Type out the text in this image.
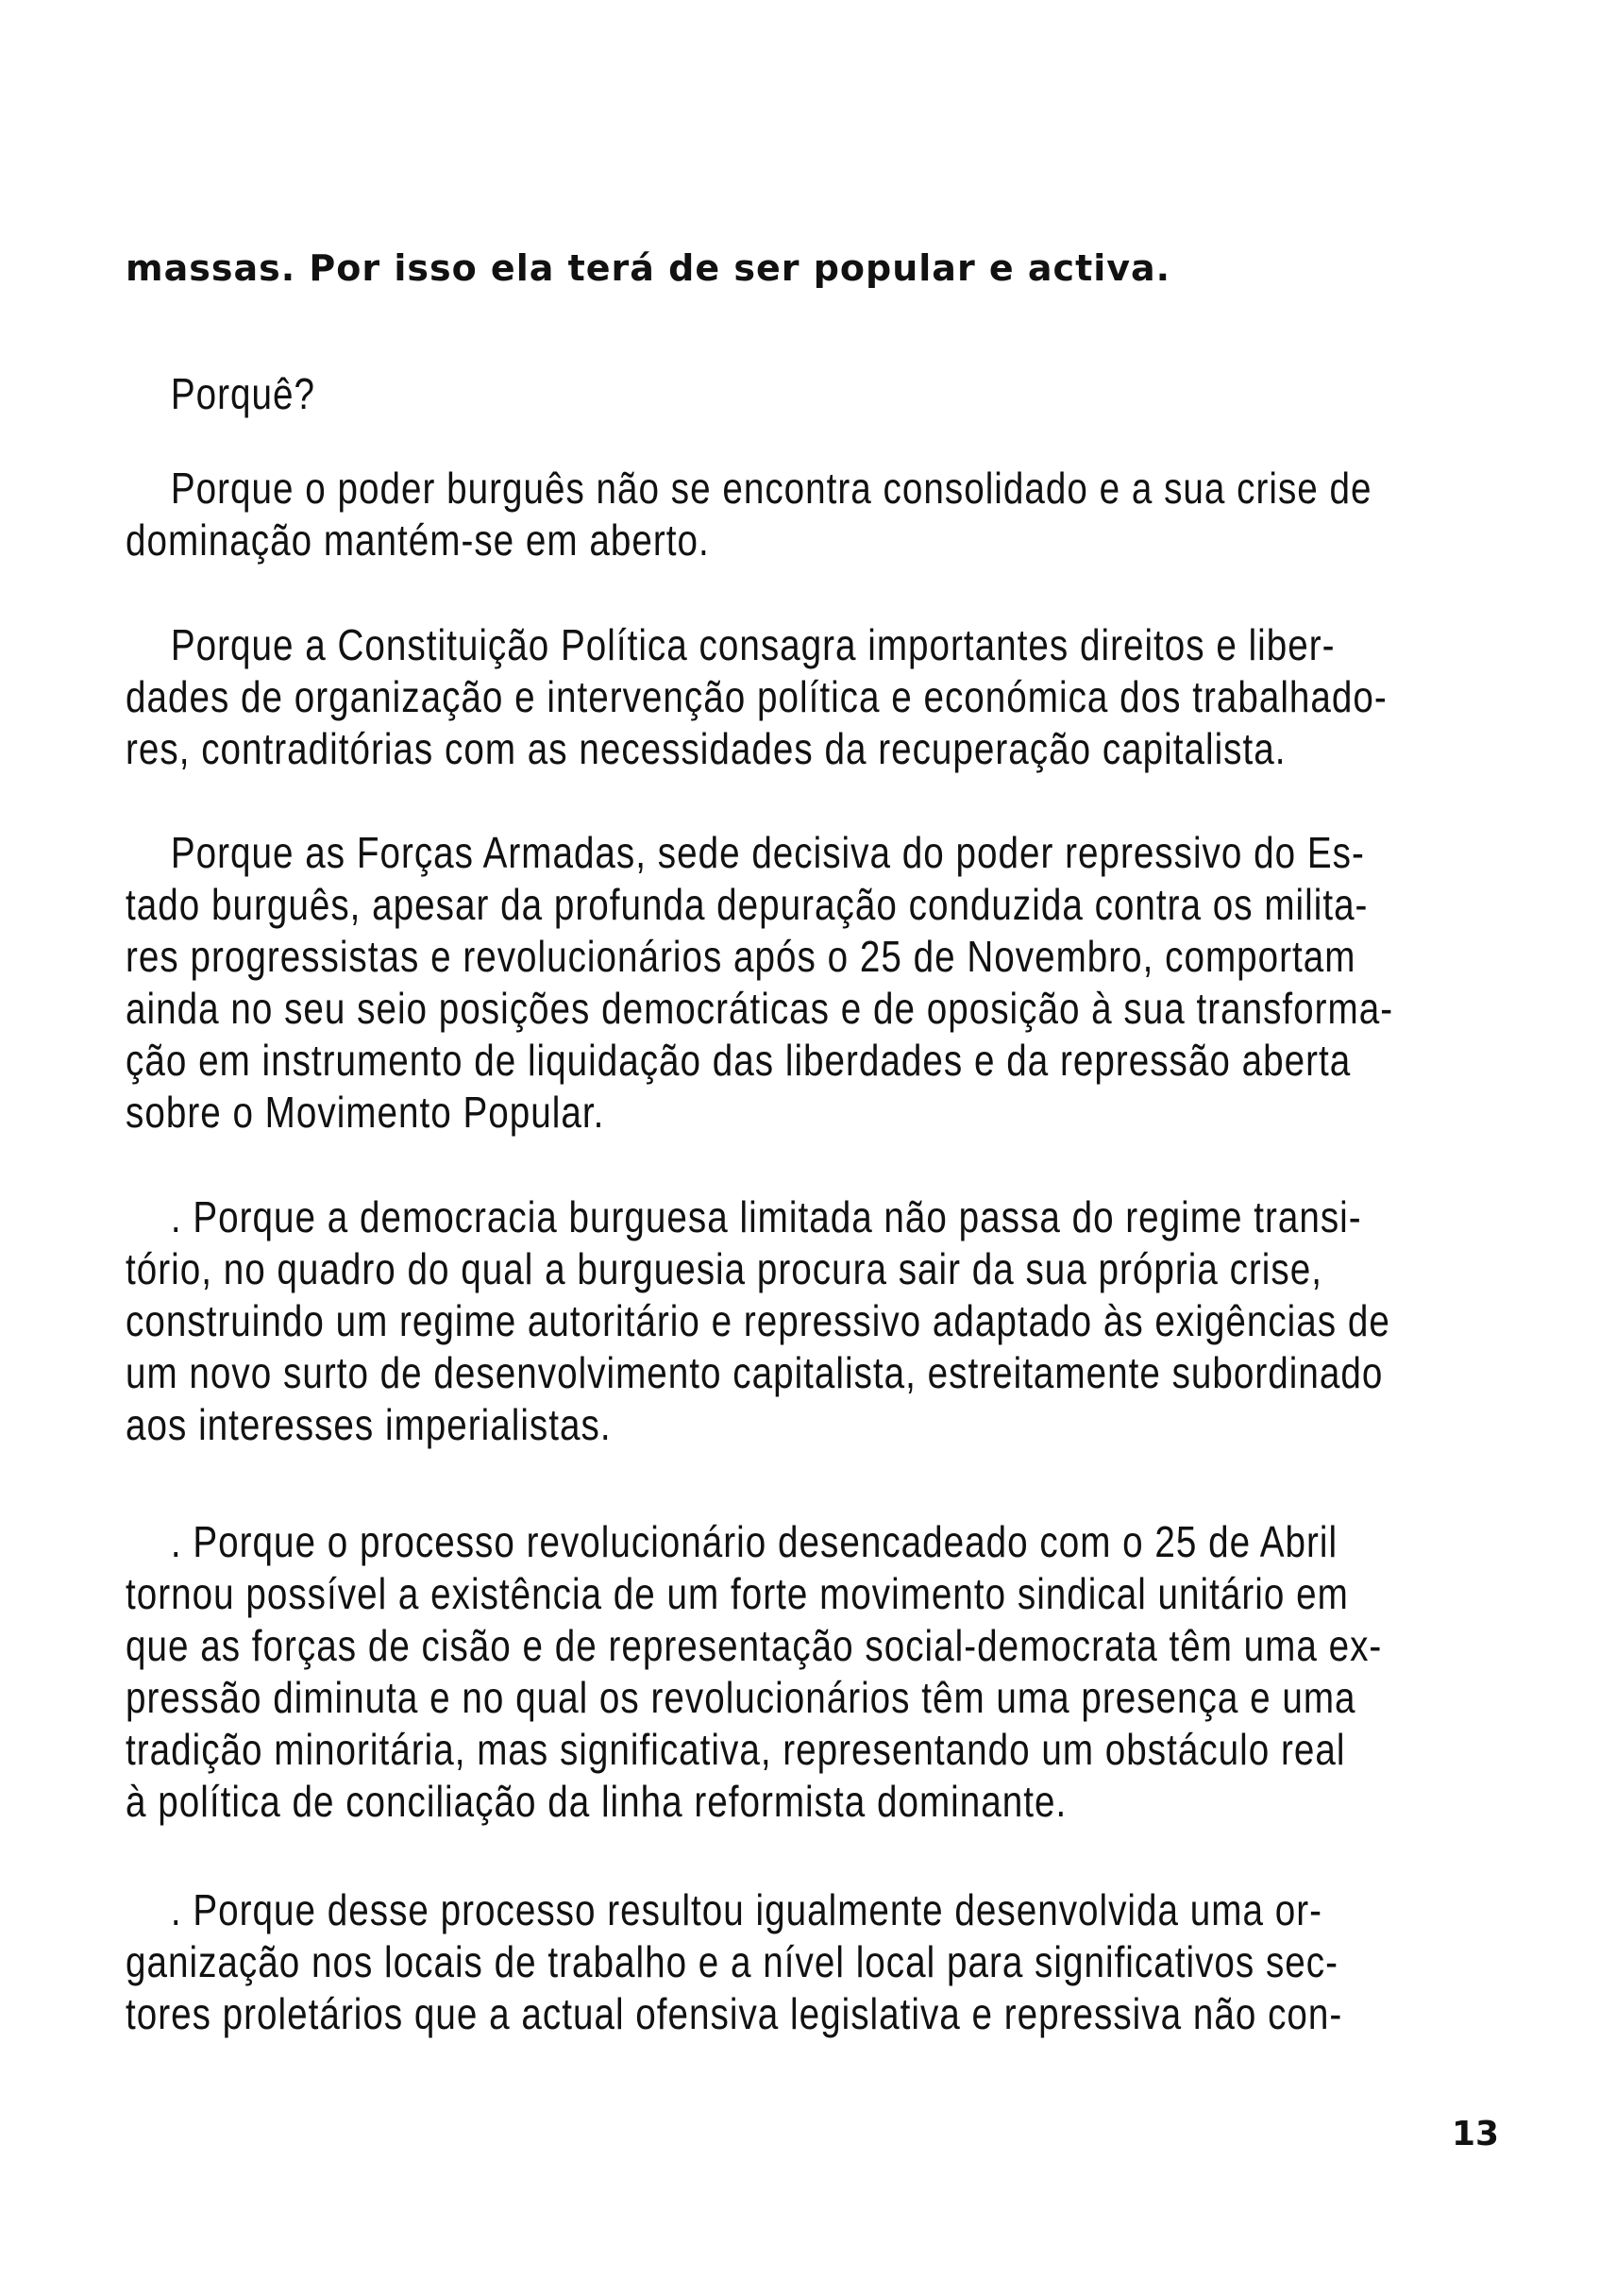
massas. Por isso ela terá de ser popular e activa.
Porquê?
Porque o poder burguês não se encontra consolidado e a sua crise de
dominação mantém-se em aberto.
Porque a Constituição Política consagra importantes direitos e liber-
dades de organização e intervenção política e económica dos trabalhado-
res, contraditórias com as necessidades da recuperação capitalista.
Porque as Forças Armadas, sede decisiva do poder repressivo do Es-
tado burguês, apesar da profunda depuração conduzida contra os milita-
res progressistas e revolucionários após o 25 de Novembro, comportam
ainda no seu seio posições democráticas e de oposição à sua transforma-
ção em instrumento de liquidação das liberdades e da repressão aberta
sobre o Movimento Popular.
. Porque a democracia burguesa limitada não passa do regime transi-
tório, no quadro do qual a burguesia procura sair da sua própria crise,
construindo um regime autoritário e repressivo adaptado às exigências de
um novo surto de desenvolvimento capitalista, estreitamente subordinado
aos interesses imperialistas.
. Porque o processo revolucionário desencadeado com o 25 de Abril
tornou possível a existência de um forte movimento sindical unitário em
que as forças de cisão e de representação social-democrata têm uma ex-
pressão diminuta e no qual os revolucionários têm uma presença e uma
tradição minoritária, mas significativa, representando um obstáculo real
à política de conciliação da linha reformista dominante.
. Porque desse processo resultou igualmente desenvolvida uma or-
ganização nos locais de trabalho e a nível local para significativos sec-
tores proletários que a actual ofensiva legislativa e repressiva não con-
13
